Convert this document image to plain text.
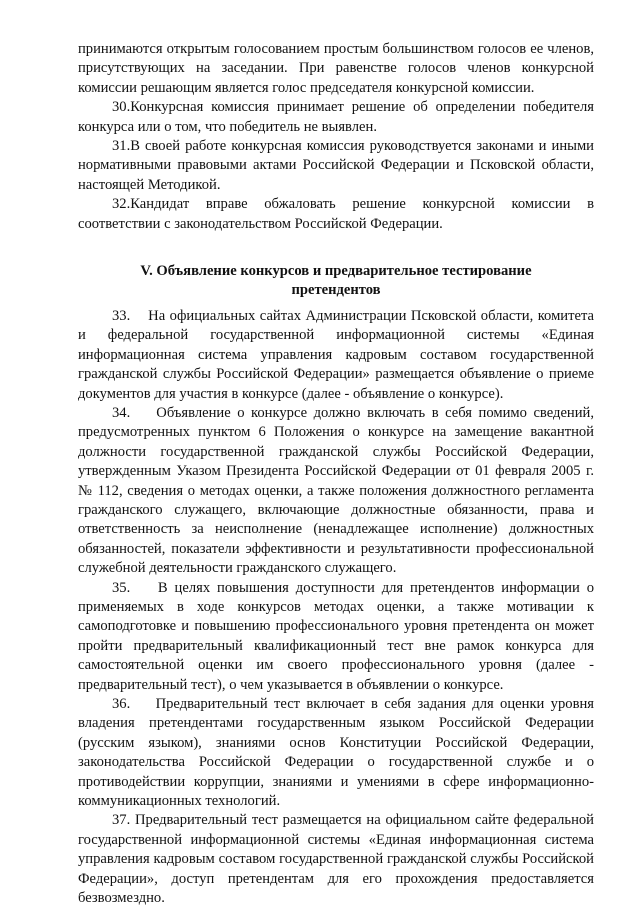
принимаются открытым голосованием простым большинством голосов ее членов, присутствующих на заседании. При равенстве голосов членов конкурсной комиссии решающим является голос председателя конкурсной комиссии.

30.Конкурсная комиссия принимает решение об определении победителя конкурса или о том, что победитель не выявлен.

31.В своей работе конкурсная комиссия руководствуется законами и иными нормативными правовыми актами Российской Федерации и Псковской области, настоящей Методикой.

32.Кандидат вправе обжаловать решение конкурсной комиссии в соответствии с законодательством Российской Федерации.

V. Объявление конкурсов и предварительное тестирование претендентов

33.    На официальных сайтах Администрации Псковской области, комитета и федеральной государственной информационной системы «Единая информационная система управления кадровым составом государственной гражданской службы Российской Федерации» размещается объявление о приеме документов для участия в конкурсе (далее - объявление о конкурсе).

34.    Объявление о конкурсе должно включать в себя помимо сведений, предусмотренных пунктом 6 Положения о конкурсе на замещение вакантной должности государственной гражданской службы Российской Федерации, утвержденным Указом Президента Российской Федерации от 01 февраля 2005 г. № 112, сведения о методах оценки, а также положения должностного регламента гражданского служащего, включающие должностные обязанности, права и ответственность за неисполнение (ненадлежащее исполнение) должностных обязанностей, показатели эффективности и результативности профессиональной служебной деятельности гражданского служащего.

35.    В целях повышения доступности для претендентов информации о применяемых в ходе конкурсов методах оценки, а также мотивации к самоподготовке и повышению профессионального уровня претендента он может пройти предварительный квалификационный тест вне рамок конкурса для самостоятельной оценки им своего профессионального уровня (далее - предварительный тест), о чем указывается в объявлении о конкурсе.

36.    Предварительный тест включает в себя задания для оценки уровня владения претендентами государственным языком Российской Федерации (русским языком), знаниями основ Конституции Российской Федерации, законодательства Российской Федерации о государственной службе и о противодействии коррупции, знаниями и умениями в сфере информационно-коммуникационных технологий.

37. Предварительный тест размещается на официальном сайте федеральной государственной информационной системы «Единая информационная система управления кадровым составом государственной гражданской службы Российской Федерации», доступ претендентам для его прохождения предоставляется безвозмездно.
